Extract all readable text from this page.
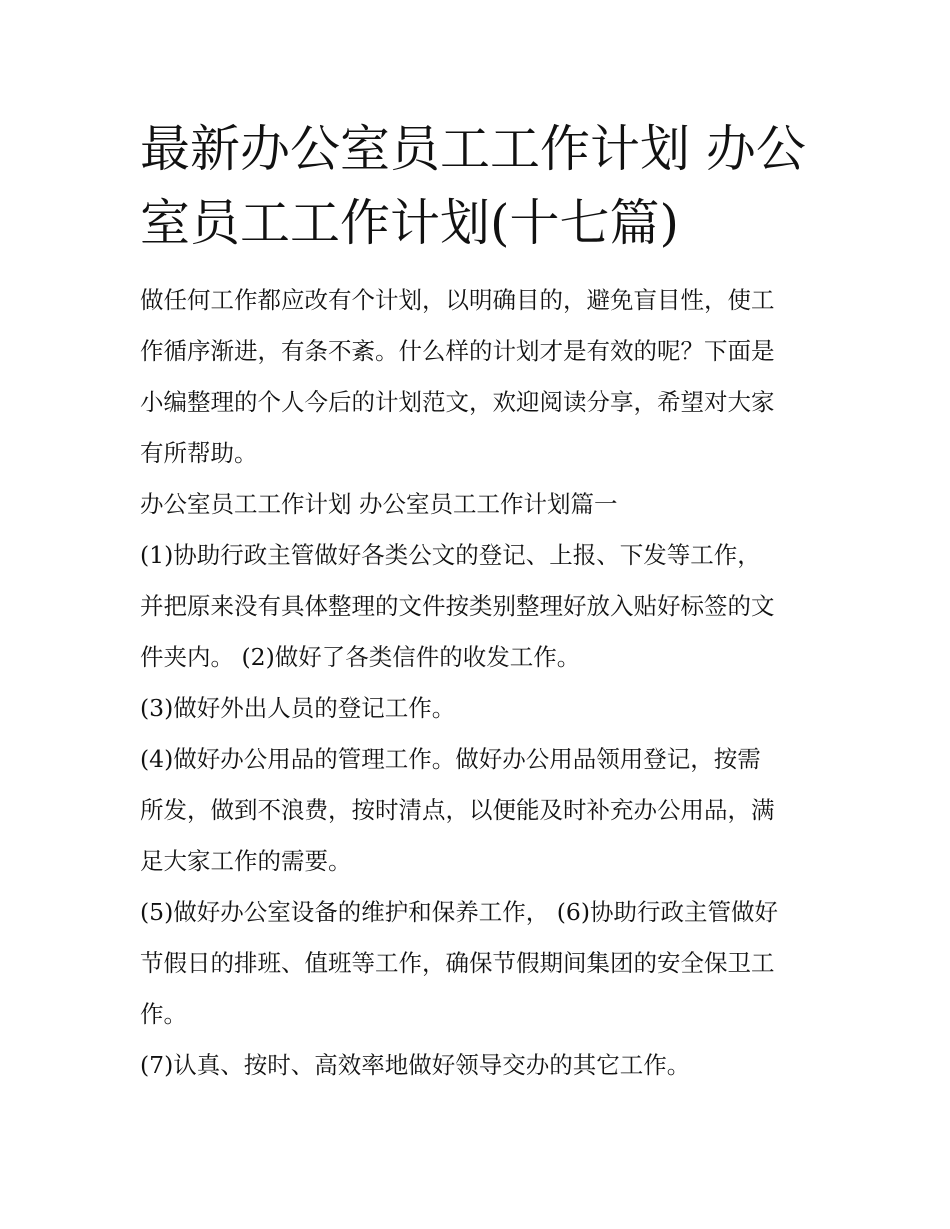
最新办公室员工工作计划 办公
室员工工作计划(十七篇)
做任何工作都应改有个计划，以明确目的，避免盲目性，使工
作循序渐进，有条不紊。什么样的计划才是有效的呢？下面是
小编整理的个人今后的计划范文，欢迎阅读分享，希望对大家
有所帮助。
办公室员工工作计划 办公室员工工作计划篇一
(1)协助行政主管做好各类公文的登记、上报、下发等工作，
并把原来没有具体整理的文件按类别整理好放入贴好标签的文
件夹内。 (2)做好了各类信件的收发工作。
(3)做好外出人员的登记工作。
(4)做好办公用品的管理工作。做好办公用品领用登记，按需
所发，做到不浪费，按时清点，以便能及时补充办公用品，满
足大家工作的需要。
(5)做好办公室设备的维护和保养工作， (6)协助行政主管做好
节假日的排班、值班等工作，确保节假期间集团的安全保卫工
作。
(7)认真、按时、高效率地做好领导交办的其它工作。
